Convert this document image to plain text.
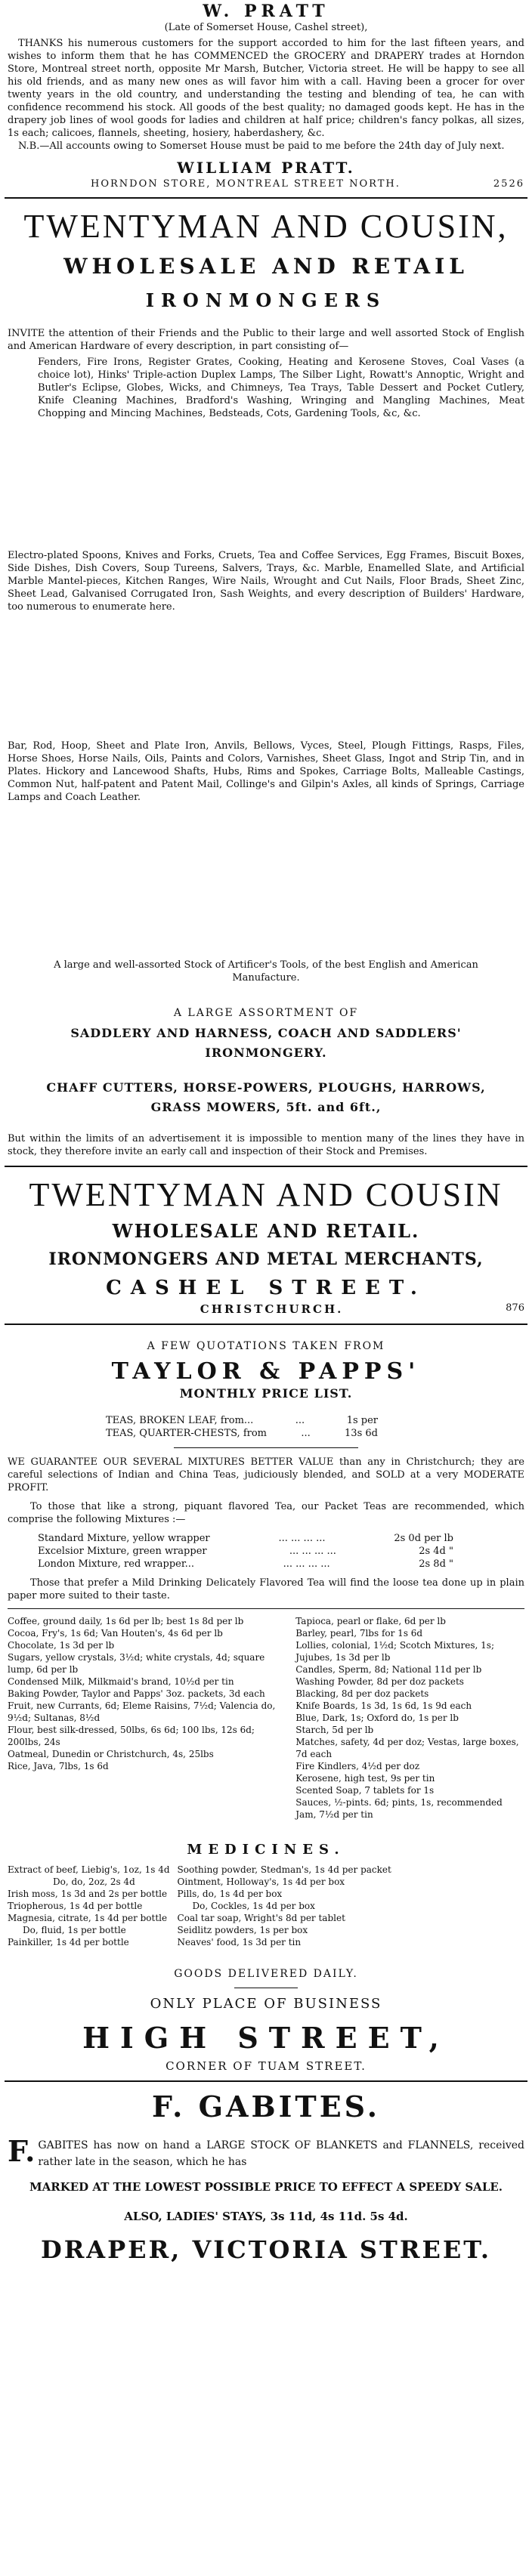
W. PRATT
(Late of Somerset House, Cashel street),

THANKS his numerous customers for the support accorded to him for the last fifteen years, and wishes to inform them that he has COMMENCED the GROCERY and DRAPERY trades at Horndon Store, Montreal street north, opposite Mr Marsh, Butcher, Victoria street. He will be happy to see all his old friends, and as many new ones as will favor him with a call. Having been a grocer for over twenty years in the old country, and understanding the testing and blending of tea, he can with confidence recommend his stock. All goods of the best quality; no damaged goods kept. He has in the drapery job lines of wool goods for ladies and children at half price; children's fancy polkas, all sizes, 1s each; calicoes, flannels, sheeting, hosiery, haberdashery, &c.

N.B.—All accounts owing to Somerset House must be paid to me before the 24th day of July next.

WILLIAM PRATT.
HORNDON STORE, MONTREAL STREET NORTH.	2526
TWENTYMAN AND COUSIN,
WHOLESALE AND RETAIL
IRONMONGERS

INVITE the attention of their Friends and the Public to their large and well assorted Stock of English and American Hardware of every description, in part consisting of—

Fenders, Fire Irons, Register Grates, Cooking, Heating and Kerosene Stoves, Coal Vases (a choice lot), Hinks' Triple-action Duplex Lamps, The Silber Light, Rowatt's Annoptic, Wright and Butler's Eclipse, Globes, Wicks, and Chimneys, Tea Trays, Table Dessert and Pocket Cutlery, Knife Cleaning Machines, Bradford's Washing, Wringing and Mangling Machines, Meat Chopping and Mincing Machines, Bedsteads, Cots, Gardening Tools, &c, &c.

Electro-plated Spoons, Knives and Forks, Cruets, Tea and Coffee Services, Egg Frames, Biscuit Boxes, Side Dishes, Dish Covers, Soup Tureens, Salvers, Trays, &c. Marble, Enamelled Slate, and Artificial Marble Mantel-pieces, Kitchen Ranges, Wire Nails, Wrought and Cut Nails, Floor Brads, Sheet Zinc, Sheet Lead, Galvanised Corrugated Iron, Sash Weights, and every description of Builders' Hardware, too numerous to enumerate here.

Bar, Rod, Hoop, Sheet and Plate Iron, Anvils, Bellows, Vyces, Steel, Plough Fittings, Rasps, Files, Horse Shoes, Horse Nails, Oils, Paints and Colors, Varnishes, Sheet Glass, Ingot and Strip Tin, and in Plates. Hickory and Lancewood Shafts, Hubs, Rims and Spokes, Carriage Bolts, Malleable Castings, Common Nut, half-patent and Patent Mail, Collinge's and Gilpin's Axles, all kinds of Springs, Carriage Lamps and Coach Leather.

A large and well-assorted Stock of Artificer's Tools, of the best English and American Manufacture.

A LARGE ASSORTMENT OF
SADDLERY AND HARNESS, COACH AND SADDLERS' IRONMONGERY.
CHAFF CUTTERS, HORSE-POWERS, PLOUGHS, HARROWS, GRASS MOWERS, 5ft. and 6ft.,

But within the limits of an advertisement it is impossible to mention many of the lines they have in stock, they therefore invite an early call and inspection of their Stock and Premises.

TWENTYMAN AND COUSIN
WHOLESALE AND RETAIL.
IRONMONGERS AND METAL MERCHANTS,
CASHEL STREET.
CHRISTCHURCH.	876
A FEW QUOTATIONS TAKEN FROM
TAYLOR & PAPPS'
MONTHLY PRICE LIST.
TEAS, BROKEN LEAF, from...	...	1s per
TEAS, QUARTER-CHESTS, from	...	13s 6d

WE GUARANTEE OUR SEVERAL MIXTURES BETTER VALUE than any in Christchurch; they are careful selections of Indian and China Teas, judiciously blended, and SOLD at a very MODERATE PROFIT.

To those that like a strong, piquant flavored Tea, our Packet Teas are recommended, which comprise the following Mixtures :—

Standard Mixture, yellow wrapper	... ... ... ...	2s 0d per lb
Excelsior Mixture, green wrapper	... ... ... ...	2s 4d "
London Mixture, red wrapper...	... ... ... ...	2s 8d "

Those that prefer a Mild Drinking Delicately Flavored Tea will find the loose tea done up in plain paper more suited to their taste.

Coffee, ground daily, 1s 6d per lb; best 1s 8d per lb
Cocoa, Fry's, 1s 6d; Van Houten's, 4s 6d per lb
Chocolate, 1s 3d per lb
Sugars, yellow crystals, 3½d; white crystals, 4d; square lump, 6d per lb
Condensed Milk, Milkmaid's brand, 10½d per tin
Baking Powder, Taylor and Papps' 3oz. packets, 3d each
Fruit, new Currants, 6d; Eleme Raisins, 7½d; Valencia do, 9½d; Sultanas, 8½d
Flour, best silk-dressed, 50lbs, 6s 6d; 100 lbs, 12s 6d; 200lbs, 24s
Oatmeal, Dunedin or Christchurch, 4s, 25lbs
Rice, Java, 7lbs, 1s 6d
Tapioca, pearl or flake, 6d per lb
Barley, pearl, 7lbs for 1s 6d
Lollies, colonial, 1½d; Scotch Mixtures, 1s; Jujubes, 1s 3d per lb
Candles, Sperm, 8d; National 11d per lb
Washing Powder, 8d per doz packets
Blacking, 8d per doz packets
Knife Boards, 1s 3d, 1s 6d, 1s 9d each
Blue, Dark, 1s; Oxford do, 1s per lb
Starch, 5d per lb
Matches, safety, 4d per doz; Vestas, large boxes, 7d each
Fire Kindlers, 4½d per doz
Kerosene, high test, 9s per tin
Scented Soap, 7 tablets for 1s
Sauces, ½-pints. 6d; pints, 1s, recommended
Jam, 7½d per tin
MEDICINES.
Extract of beef, Liebig's, 1oz, 1s 4d
Do, do, 2oz, 2s 4d
Irish moss, 1s 3d and 2s per bottle
Triopherous, 1s 4d per bottle
Magnesia, citrate, 1s 4d per bottle
Do, fluid, 1s per bottle
Painkiller, 1s 4d per bottle
Soothing powder, Stedman's, 1s 4d per packet
Ointment, Holloway's, 1s 4d per box
Pills, do, 1s 4d per box
Do, Cockles, 1s 4d per box
Coal tar soap, Wright's 8d per tablet
Seidlitz powders, 1s per box
Neaves' food, 1s 3d per tin
GOODS DELIVERED DAILY.
ONLY PLACE OF BUSINESS
HIGH STREET,
CORNER OF TUAM STREET.
F. GABITES.
F. GABITES has now on hand a LARGE STOCK OF BLANKETS and FLANNELS, received rather late in the season, which he has

MARKED AT THE LOWEST POSSIBLE PRICE TO EFFECT A SPEEDY SALE.
ALSO, LADIES' STAYS, 3s 11d, 4s 11d. 5s 4d.
DRAPER, VICTORIA STREET.
